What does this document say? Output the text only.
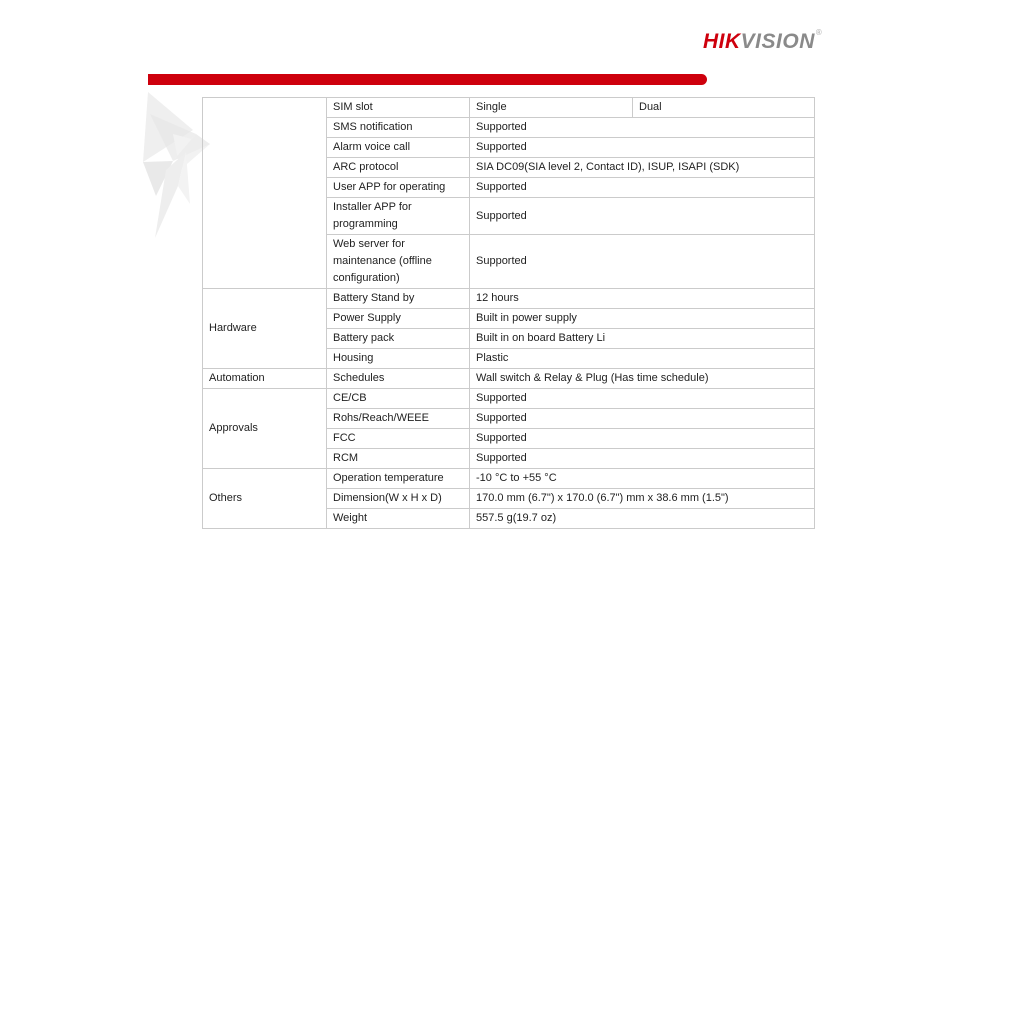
HIKVISION®
	SIM slot	Single	Dual
	SMS notification	Supported	
	Alarm voice call	Supported	
	ARC protocol	SIA DC09(SIA level 2, Contact ID), ISUP, ISAPI (SDK)	
	User APP for operating	Supported	
	Installer APP for programming	Supported	
	Web server for maintenance (offline configuration)	Supported	
Hardware	Battery Stand by	12 hours	
	Power Supply	Built in power supply	
	Battery pack	Built in on board Battery Li	
	Housing	Plastic	
Automation	Schedules	Wall switch & Relay & Plug (Has time schedule)	
Approvals	CE/CB	Supported	
	Rohs/Reach/WEEE	Supported	
	FCC	Supported	
	RCM	Supported	
Others	Operation temperature	-10 °C to +55 °C	
	Dimension(W x H x D)	170.0 mm (6.7") x 170.0 (6.7") mm x 38.6 mm (1.5")	
	Weight	557.5 g(19.7 oz)	
